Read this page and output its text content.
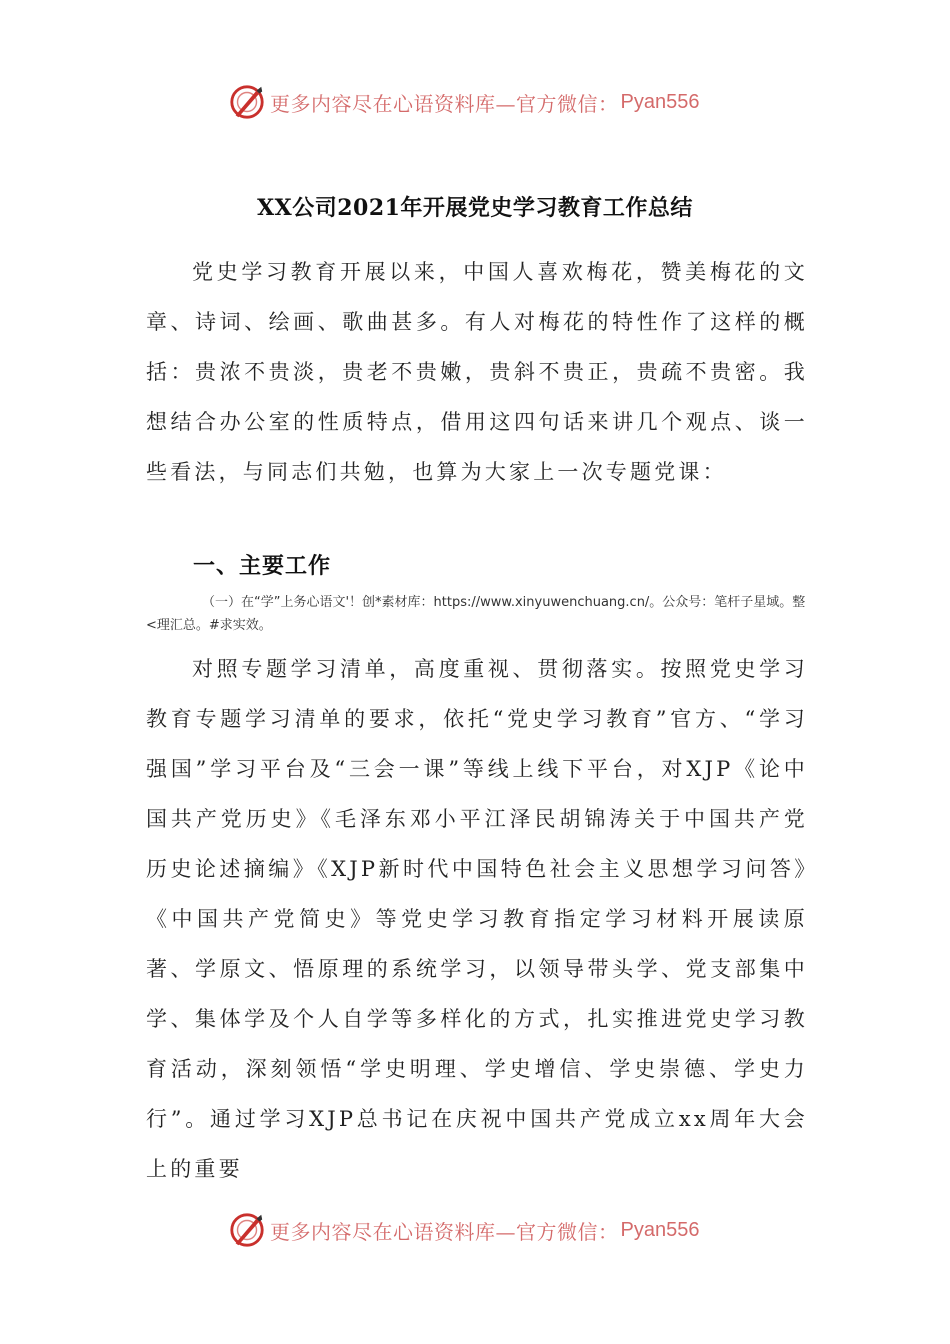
更多内容尽在心语资料库—官方微信： Pyan556
XX公司2021年开展党史学习教育工作总结

党史学习教育开展以来，中国人喜欢梅花，赞美梅花的文章、诗词、绘画、歌曲甚多。有人对梅花的特性作了这样的概括：贵浓不贵淡，贵老不贵嫩，贵斜不贵正，贵疏不贵密。我想结合办公室的性质特点，借用这四句话来讲几个观点、谈一些看法，与同志们共勉，也算为大家上一次专题党课：

一、主要工作

（一）在“学”上务心语文'！创*素材库：https://www.xinyuwenchuang.cn/。公众号：笔杆子星域。整<理汇总。#求实效。

对照专题学习清单，高度重视、贯彻落实。按照党史学习教育专题学习清单的要求，依托“党史学习教育”官方、“学习强国”学习平台及“三会一课”等线上线下平台，对XJP《论中国共产党历史》《毛泽东邓小平江泽民胡锦涛关于中国共产党历史论述摘编》《XJP新时代中国特色社会主义思想学习问答》《中国共产党简史》等党史学习教育指定学习材料开展读原著、学原文、悟原理的系统学习，以领导带头学、党支部集中学、集体学及个人自学等多样化的方式，扎实推进党史学习教育活动，深刻领悟“学史明理、学史增信、学史崇德、学史力行”。通过学习XJP总书记在庆祝中国共产党成立xx周年大会上的重要

更多内容尽在心语资料库—官方微信： Pyan556
